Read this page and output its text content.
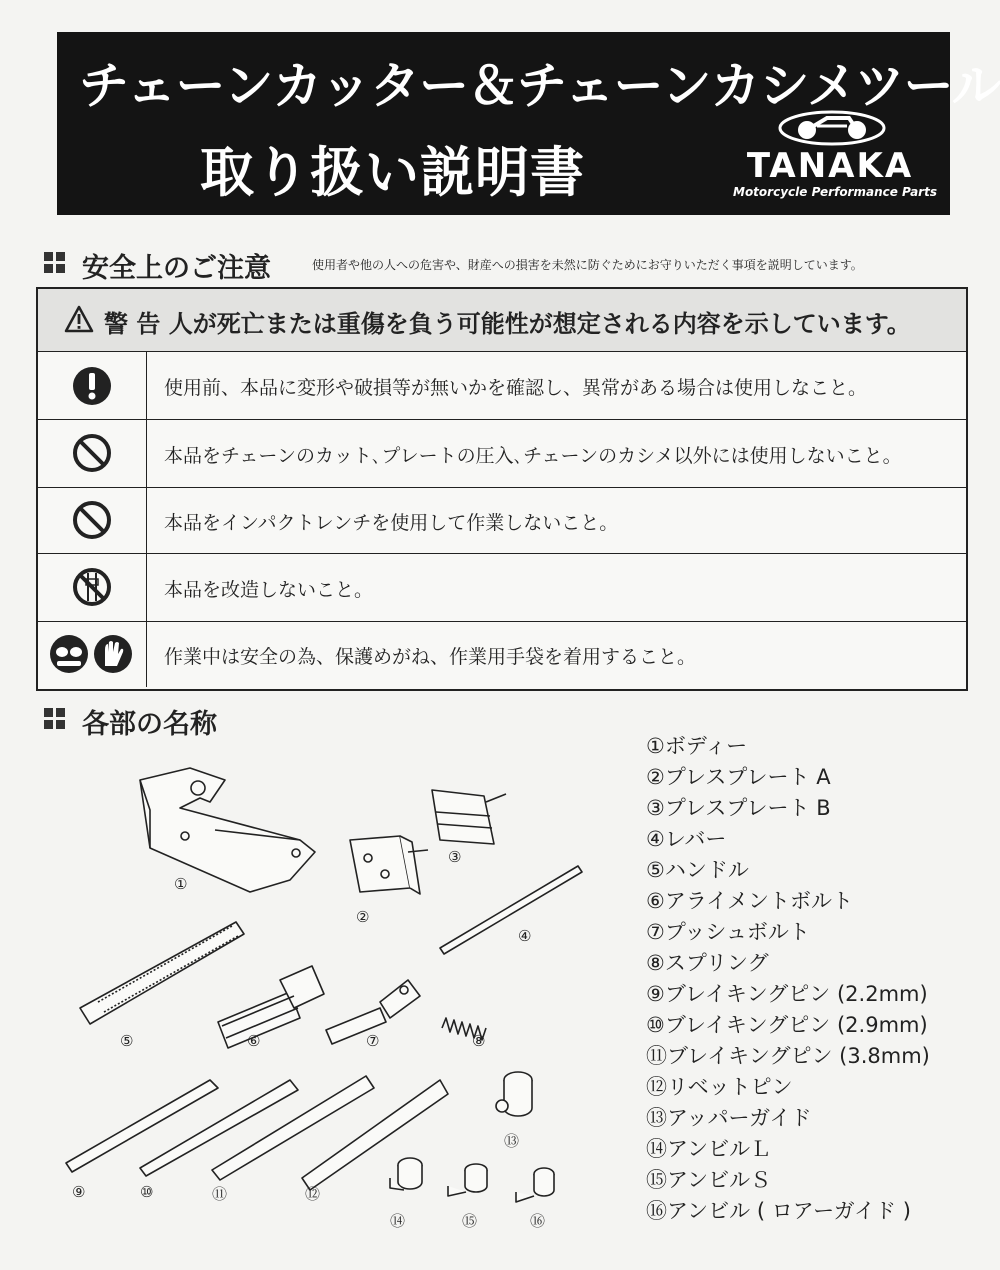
チェーンカッター＆チェーンカシメツール
取り扱い説明書	TANAKA
Motorcycle Performance Parts
安全上のご注意	使用者や他の人への危害や、財産への損害を未然に防ぐためにお守りいただく事項を説明しています。
警 告 人が死亡または重傷を負う可能性が想定される内容を示しています。
使用前、本品に変形や破損等が無いかを確認し、異常がある場合は使用しなこと。
本品をチェーンのカット､プレートの圧入､チェーンのカシメ以外には使用しないこと。
本品をインパクトレンチを使用して作業しないこと。
本品を改造しないこと。
作業中は安全の為、保護めがね、作業用手袋を着用すること。
各部の名称
①ボディー
②プレスプレート A
③プレスプレート B
④レバー
⑤ハンドル
⑥アライメントボルト
⑦プッシュボルト
⑧スプリング
⑨ブレイキングピン (2.2mm)
⑩ブレイキングピン (2.9mm)
⑪ブレイキングピン (3.8mm)
⑫リベットピン
⑬アッパーガイド
⑭アンビルＬ
⑮アンビルＳ
⑯アンビル ( ロアーガイド )
①
②
③
④
⑤	⑥	⑦	⑧
⑨	⑩	⑪	⑫
⑬
⑭	⑮	⑯
